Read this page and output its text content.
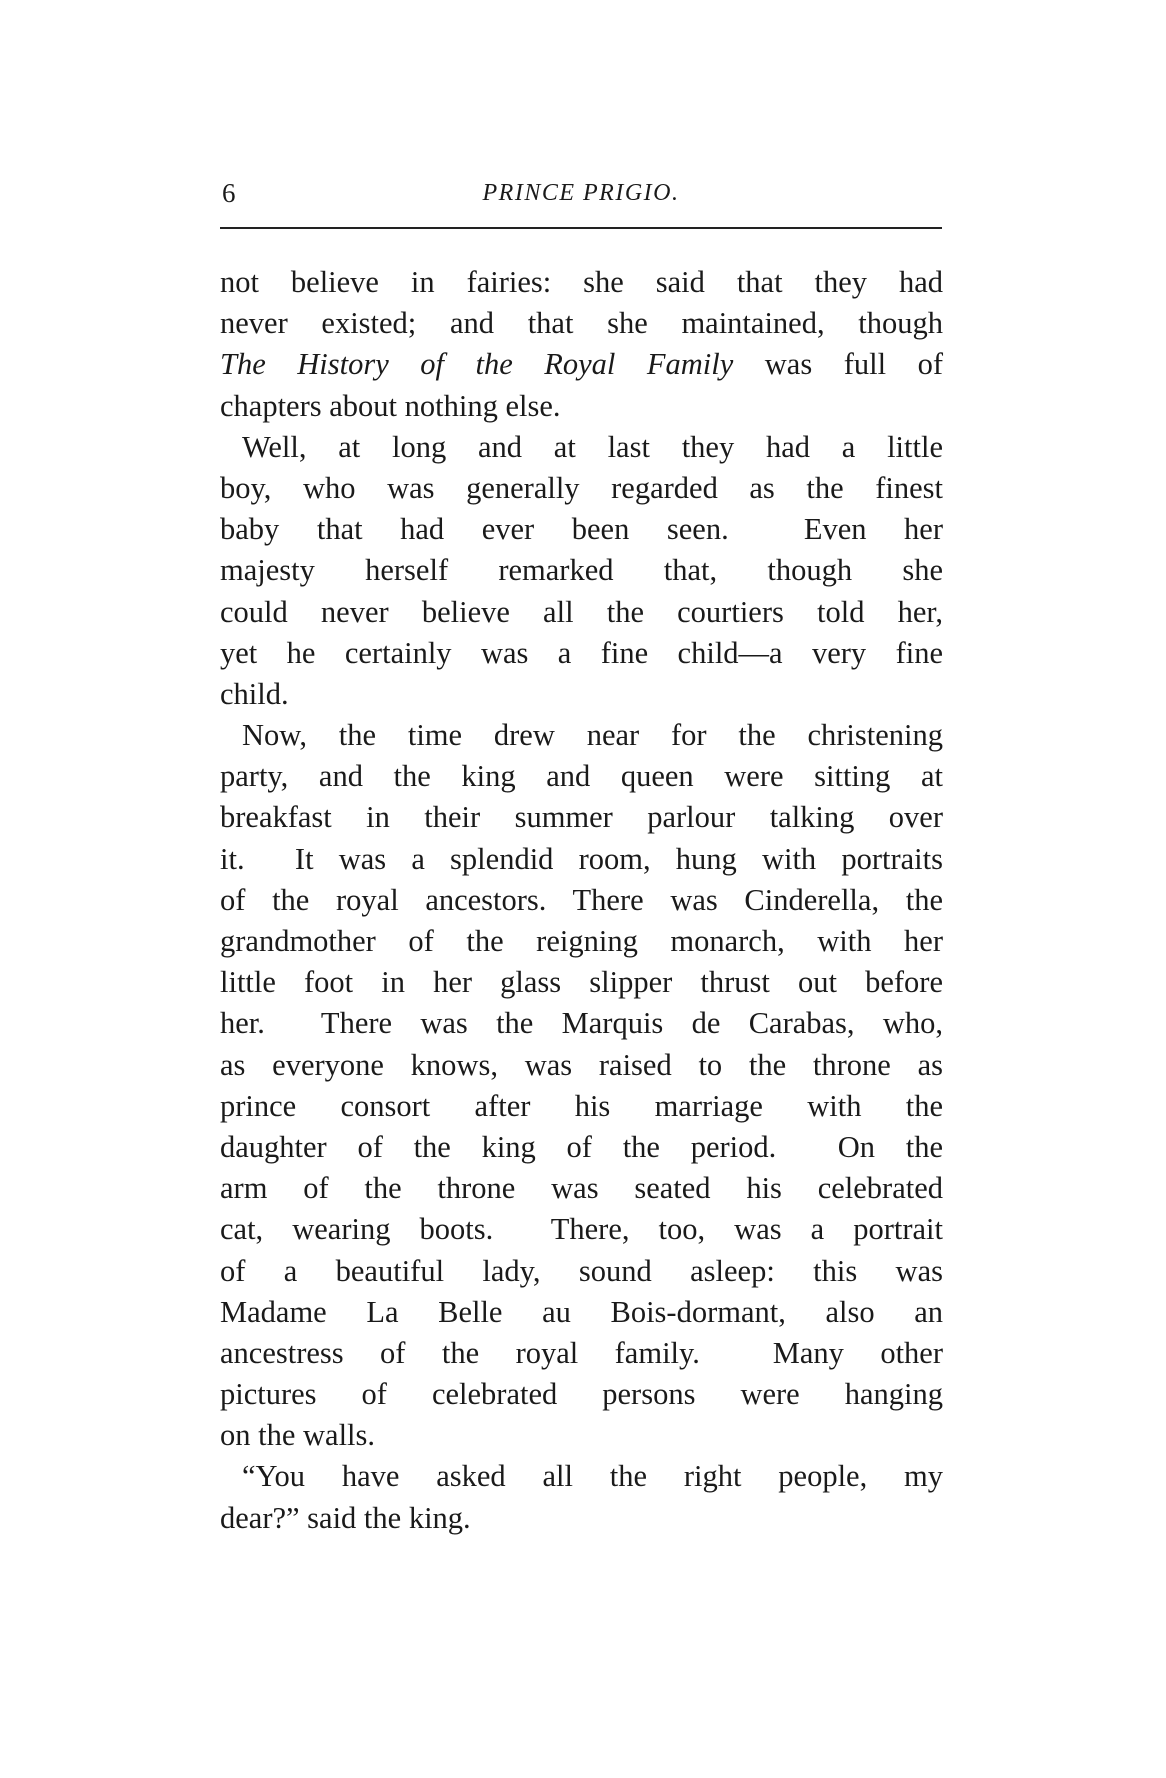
6	PRINCE PRIGIO.
not believe in fairies: she said that they had
never existed; and that she maintained, though
The History of the Royal Family was full of
chapters about nothing else.
Well, at long and at last they had a little
boy, who was generally regarded as the finest
baby that had ever been seen.  Even her
majesty herself remarked that, though she
could never believe all the courtiers told her,
yet he certainly was a fine child—a very fine
child.
Now, the time drew near for the christening
party, and the king and queen were sitting at
breakfast in their summer parlour talking over
it.  It was a splendid room, hung with portraits
of the royal ancestors. There was Cinderella, the
grandmother of the reigning monarch, with her
little foot in her glass slipper thrust out before
her.  There was the Marquis de Carabas, who,
as everyone knows, was raised to the throne as
prince consort after his marriage with the
daughter of the king of the period.  On the
arm of the throne was seated his celebrated
cat, wearing boots.  There, too, was a portrait
of a beautiful lady, sound asleep: this was
Madame La Belle au Bois-dormant, also an
ancestress of the royal family.  Many other
pictures of celebrated persons were hanging
on the walls.
“You have asked all the right people, my
dear?” said the king.
